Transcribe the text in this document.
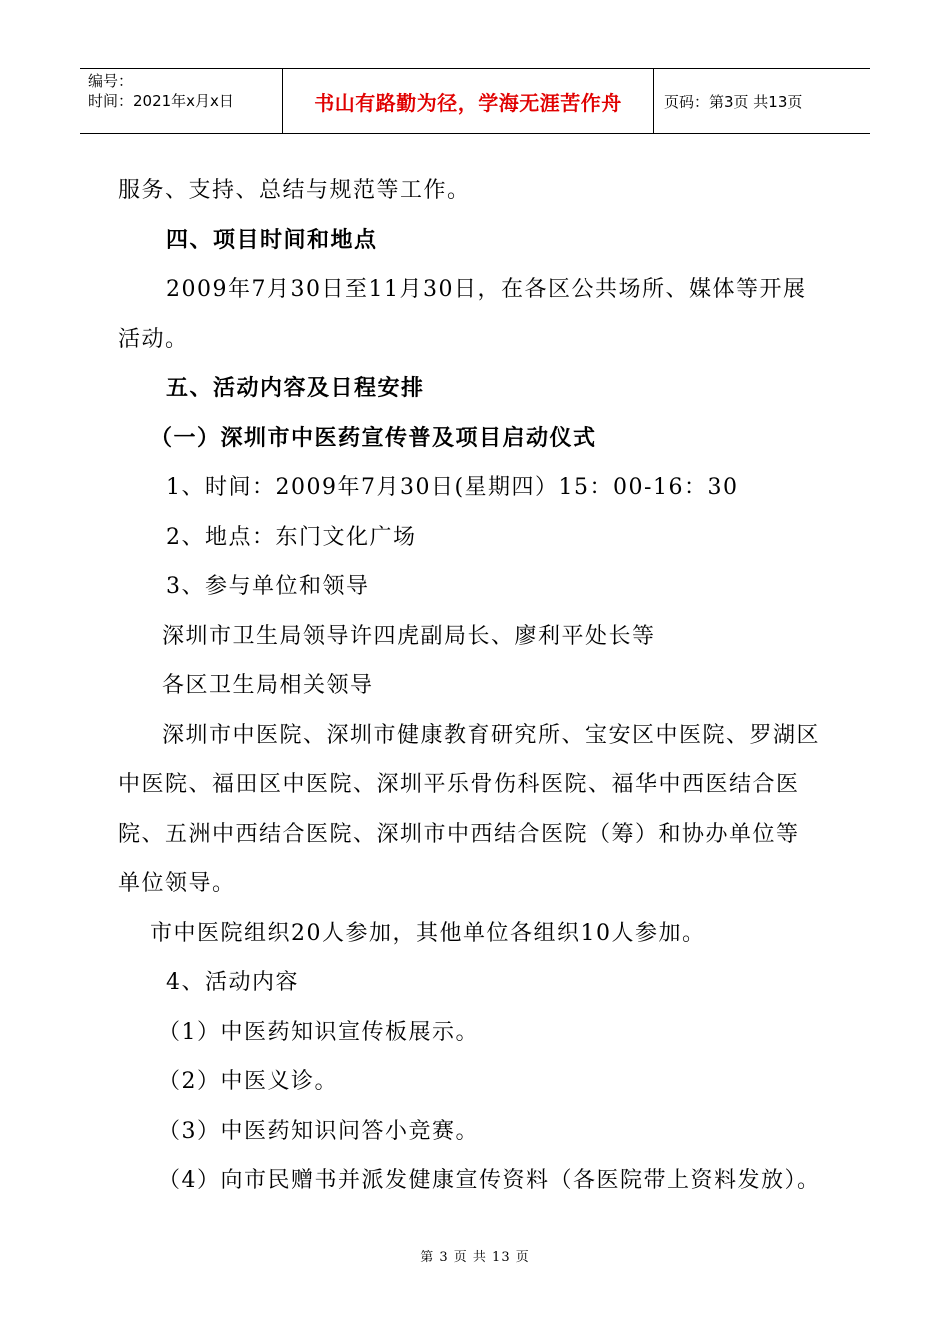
编号：
时间：2021年x月x日	书山有路勤为径，学海无涯苦作舟	页码：第3页 共13页

服务、支持、总结与规范等工作。

四、项目时间和地点

2009年7月30日至11月30日，在各区公共场所、媒体等开展

活动。

五、活动内容及日程安排

（一）深圳市中医药宣传普及项目启动仪式

1、时间：2009年7月30日(星期四）15：00-16：30

2、地点：东门文化广场

3、参与单位和领导

深圳市卫生局领导许四虎副局长、廖利平处长等

各区卫生局相关领导

深圳市中医院、深圳市健康教育研究所、宝安区中医院、罗湖区

中医院、福田区中医院、深圳平乐骨伤科医院、福华中西医结合医

院、五洲中西结合医院、深圳市中西结合医院（筹）和协办单位等

单位领导。

市中医院组织20人参加，其他单位各组织10人参加。

4、活动内容

（1）中医药知识宣传板展示。

（2）中医义诊。

（3）中医药知识问答小竞赛。

（4）向市民赠书并派发健康宣传资料（各医院带上资料发放）。

第 3 页 共 13 页
